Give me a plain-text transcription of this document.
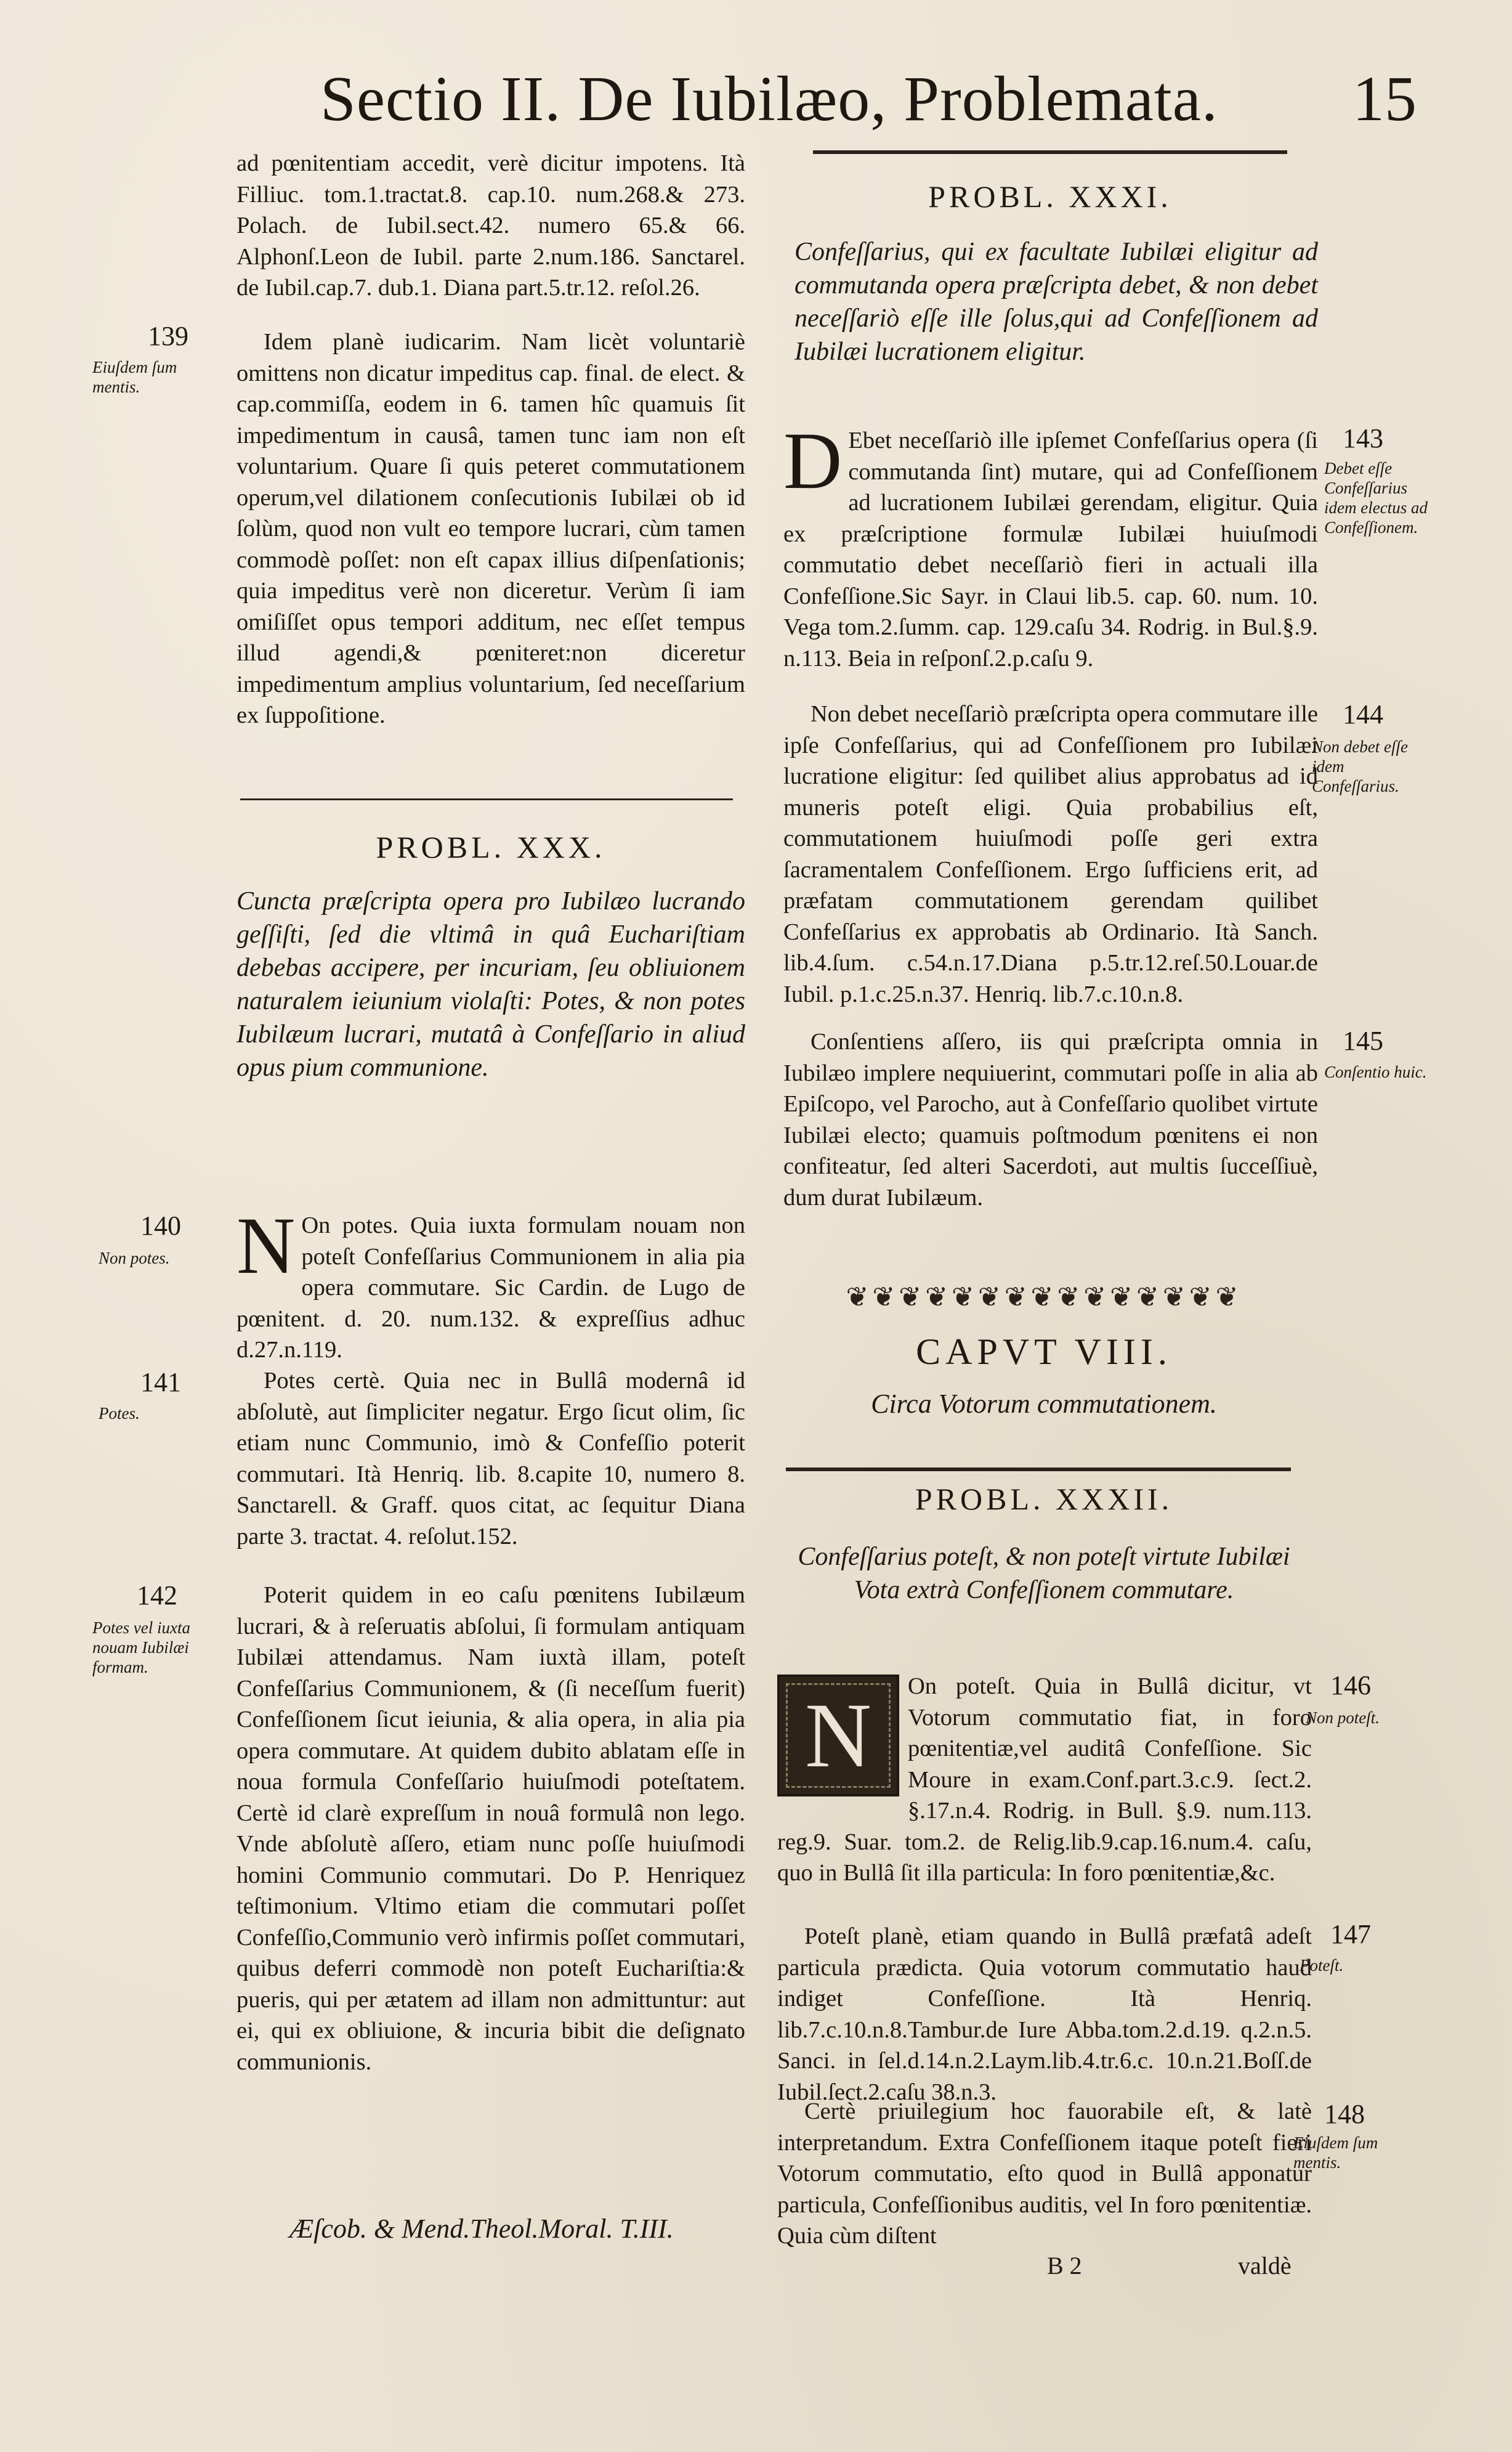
Sectio II. De Iubilæo, Problemata. 15
ad pœnitentiam accedit, verè dicitur impotens. Ità Filliuc. tom.1.tractat.8. cap.10. num.268.& 273. Polach. de Iubil.sect.42. numero 65.& 66. Alphonſ.Leon de Iubil. parte 2.num.186. Sanctarel. de Iubil.cap.7. dub.1. Diana part.5.tr.12. reſol.26.
139
Eiuſdem ſum mentis.
Idem planè iudicarim. Nam licèt voluntariè omittens non dicatur impeditus cap. final. de elect. & cap.commiſſa, eodem in 6. tamen hîc quamuis ſit impedimentum in causâ, tamen tunc iam non eſt voluntarium. Quare ſi quis peteret commutationem operum,vel dilationem conſecutionis Iubilæi ob id ſolùm, quod non vult eo tempore lucrari, cùm tamen commodè poſſet: non eſt capax illius diſpenſationis; quia impeditus verè non diceretur. Verùm ſi iam omiſiſſet opus tempori additum, nec eſſet tempus illud agendi,& pœniteret:non diceretur impedimentum amplius voluntarium, ſed neceſſarium ex ſuppoſitione.
PROBL. XXX.
Cuncta præſcripta opera pro Iubilæo lucrando geſſiſti, ſed die vltimâ in quâ Euchariſtiam debebas accipere, per incuriam, ſeu obliuionem naturalem ieiunium violaſti: Potes, & non potes Iubilæum lucrari, mutatâ à Confeſſario in aliud opus pium communione.
140
Non potes. N On potes. Quia iuxta formulam nouam non poteſt Confeſſarius Communionem in alia pia opera commutare. Sic Cardin. de Lugo de pœnitent. d. 20. num.132. & expreſſius adhuc d.27.n.119.
141
Potes.
Potes certè. Quia nec in Bullâ modernâ id abſolutè, aut ſimpliciter negatur. Ergo ſicut olim, ſic etiam nunc Communio, imò & Confeſſio poterit commutari. Ità Henriq. lib. 8.capite 10, numero 8. Sanctarell. & Graff. quos citat, ac ſequitur Diana parte 3. tractat. 4. reſolut.152.
142
Potes vel iuxta nouam Iubilæi formam.
Poterit quidem in eo caſu pœnitens Iubilæum lucrari, & à reſeruatis abſolui, ſi formulam antiquam Iubilæi attendamus. Nam iuxtà illam, poteſt Confeſſarius Communionem, & (ſi neceſſum fuerit) Confeſſionem ſicut ieiunia, & alia opera, in alia pia opera commutare. At quidem dubito ablatam eſſe in noua formula Confeſſario huiuſmodi poteſtatem. Certè id clarè expreſſum in nouâ formulâ non lego. Vnde abſolutè aſſero, etiam nunc poſſe huiuſmodi homini Communio commutari. Do P. Henriquez teſtimonium. Vltimo etiam die commutari poſſet Confeſſio,Communio verò infirmis poſſet commutari, quibus deferri commodè non poteſt Euchariſtia:& pueris, qui per ætatem ad illam non admittuntur: aut ei, qui ex obliuione, & incuria bibit die deſignato communionis.
Æſcob. & Mend.Theol.Moral. T.III.
PROBL. XXXI.
Confeſſarius, qui ex facultate Iubilæi eligitur ad commutanda opera præſcripta debet, & non debet neceſſariò eſſe ille ſolus,qui ad Confeſſionem ad Iubilæi lucrationem eligitur.
143
Debet eſſe Confeſſarius idem electus ad Confeſſionem.
D Ebet neceſſariò ille ipſemet Confeſſarius opera (ſi commutanda ſint) mutare, qui ad Confeſſionem ad lucrationem Iubilæi gerendam, eligitur. Quia ex præſcriptione formulæ Iubilæi huiuſmodi commutatio debet neceſſariò fieri in actuali illa Confeſſione.Sic Sayr. in Claui lib.5. cap. 60. num. 10. Vega tom.2.ſumm. cap. 129.caſu 34. Rodrig. in Bul.§.9. n.113. Beia in reſponſ.2.p.caſu 9.
144
Non debet eſſe idem Confeſſarius.
Non debet neceſſariò præſcripta opera commutare ille ipſe Confeſſarius, qui ad Confeſſionem pro Iubilæi lucratione eligitur: ſed quilibet alius approbatus ad id muneris poteſt eligi. Quia probabilius eſt, commutationem huiuſmodi poſſe geri extra ſacramentalem Confeſſionem. Ergo ſufficiens erit, ad præfatam commutationem gerendam quilibet Confeſſarius ex approbatis ab Ordinario. Ità Sanch. lib.4.ſum. c.54.n.17.Diana p.5.tr.12.reſ.50.Louar.de Iubil. p.1.c.25.n.37. Henriq. lib.7.c.10.n.8.
145
Conſentio huic.
Conſentiens aſſero, iis qui præſcripta omnia in Iubilæo implere nequiuerint, commutari poſſe in alia ab Epiſcopo, vel Parocho, aut à Confeſſario quolibet virtute Iubilæi electo; quamuis poſtmodum pœnitens ei non confiteatur, ſed alteri Sacerdoti, aut multis ſucceſſiuè, dum durat Iubilæum.
❦❦❦❦❦❦❦❦❦❦❦❦❦❦❦
CAPVT VIII.
Circa Votorum commutationem.
PROBL. XXXII.
Confeſſarius poteſt, & non poteſt virtute Iubilæi Vota extrà Confeſſionem commutare.
146
Non poteſt.
N	On poteſt. Quia in Bullâ dicitur, vt Votorum commutatio fiat, in foro pœnitentiæ,vel auditâ Confeſſione. Sic Moure in exam.Conf.part.3.c.9. ſect.2. §.17.n.4. Rodrig. in Bull. §.9. num.113. reg.9. Suar. tom.2. de Relig.lib.9.cap.16.num.4. caſu, quo in Bullâ ſit illa particula: In foro pœnitentiæ,&c.
147
Poteſt.
Poteſt planè, etiam quando in Bullâ præfatâ adeſt particula prædicta. Quia votorum commutatio haud indiget Confeſſione. Ità Henriq. lib.7.c.10.n.8.Tambur.de Iure Abba.tom.2.d.19. q.2.n.5. Sanci. in ſel.d.14.n.2.Laym.lib.4.tr.6.c. 10.n.21.Boſſ.de Iubil.ſect.2.caſu 38.n.3.
148
Eiuſdem ſum mentis.
Certè priuilegium hoc fauorabile eſt, & latè interpretandum. Extra Confeſſionem itaque poteſt fieri Votorum commutatio, eſto quod in Bullâ apponatur particula, Confeſſionibus auditis, vel In foro pœnitentiæ. Quia cùm diſtent
B 2	valdè
